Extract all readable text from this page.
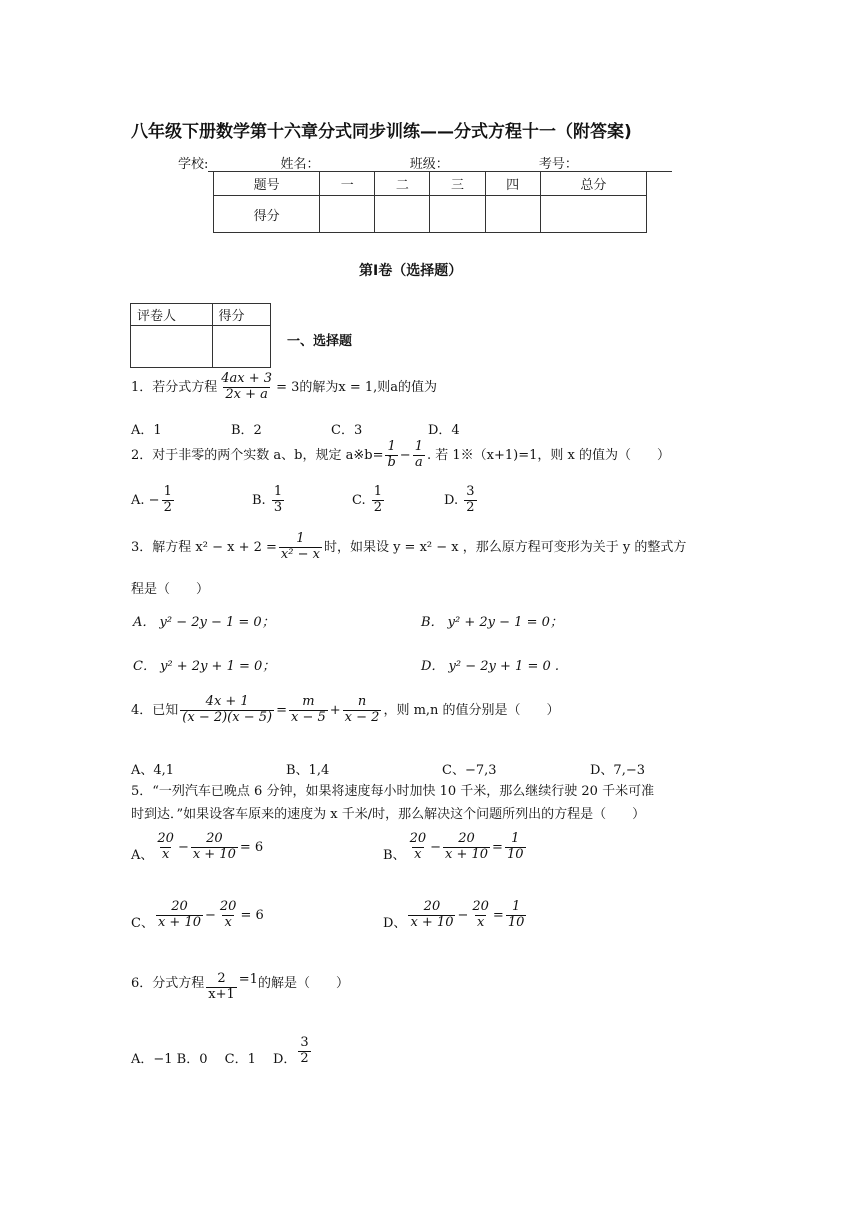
八年级下册数学第十六章分式同步训练——分式方程十一（附答案)
学校:	姓名：	班级：	考号：
题号	一	二	三	四	总分
得分					
第Ⅰ卷（选择题）
评卷人	得分

一、选择题
1．若分式方程 $\frac{4ax + 3}{2x + a} = 3$的解为x = 1,则a的值为
A．1	B．2	C．3	D．4
2．对于非零的两个实数 a、b，规定 a※b= $\frac{1}{b} - \frac{1}{a}$ . 若 1※（x+1)=1，则 x 的值为（　　）
A. − $\frac{1}{2}$	B. $\frac{1}{3}$	C. $\frac{1}{2}$	D. $\frac{3}{2}$
3．解方程 $x^2 - x + 2 = \frac{1}{\text{x² − x}}$ 时，如果设 y = x² − x ，那么原方程可变形为关于 y 的整式方
程是（　　）
A． y² − 2y − 1 = 0；	B． y² + 2y − 1 = 0；
C． y² + 2y + 1 = 0；	D． y² − 2y + 1 = 0 .
4．已知 $\frac{4x + 1}{(x - 2)(x - 5)} = \frac{m}{x - 5} + \frac{n}{x - 2}$ ，则 m,n 的值分别是（　　）
A、4,1	B、1,4	C、−7,3	D、7,−3
5．“一列汽车已晚点 6 分钟，如果将速度每小时加快 10 千米，那么继续行驶 20 千米可准
时到达．”如果设客车原来的速度为 x 千米/时，那么解决这个问题所列出的方程是（　　）
A、 $\frac{20}{x} - \frac{20}{x + 10} = 6$
B、 $\frac{20}{x} - \frac{20}{x + 10} = \frac{1}{10}$
C、 $\frac{20}{x + 10} - \frac{20}{x} = 6$
D、 $\frac{20}{x + 10} - \frac{20}{x} = \frac{1}{10}$
6．分式方程 $\frac{2}{x+1} =1$的解是（　　）
A．−1 B．0　 C．1　 D． $\frac{3}{2}$
